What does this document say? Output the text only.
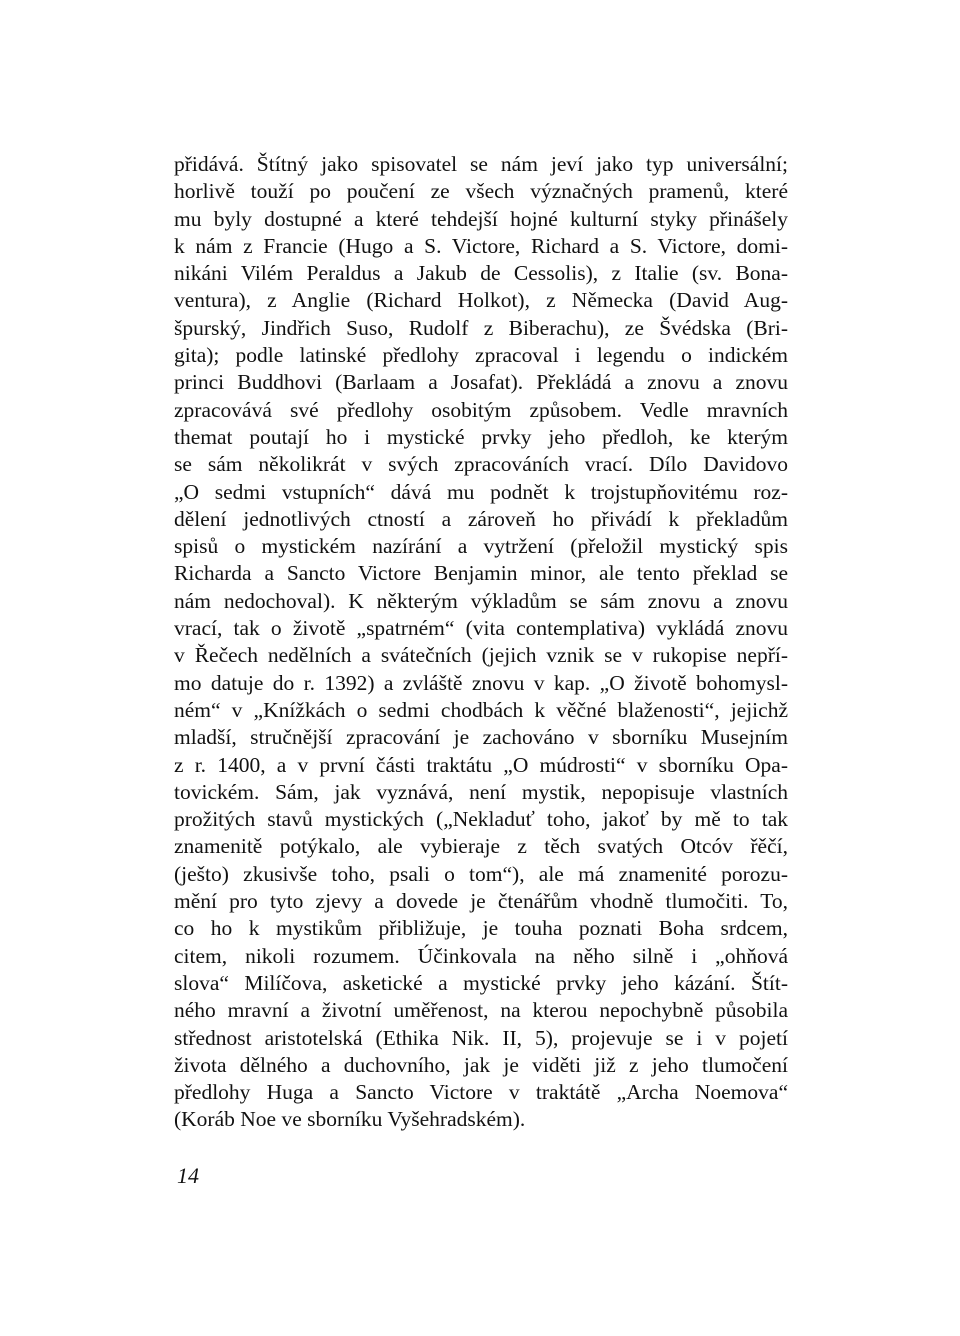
přidává. Štítný jako spisovatel se nám jeví jako typ universální;
horlivě touží po poučení ze všech význačných pramenů, které
mu byly dostupné a které tehdejší hojné kulturní styky přinášely
k nám z Francie (Hugo a S. Victore, Richard a S. Victore, domi-
nikáni Vilém Peraldus a Jakub de Cessolis), z Italie (sv. Bona-
ventura), z Anglie (Richard Holkot), z Německa (David Aug-
špurský, Jindřich Suso, Rudolf z Biberachu), ze Švédska (Bri-
gita); podle latinské předlohy zpracoval i legendu o indickém
princi Buddhovi (Barlaam a Josafat). Překládá a znovu a znovu
zpracovává své předlohy osobitým způsobem. Vedle mravních
themat poutají ho i mystické prvky jeho předloh, ke kterým
se sám několikrát v svých zpracováních vrací. Dílo Davidovo
„O sedmi vstupních“ dává mu podnět k trojstupňovitému roz-
dělení jednotlivých ctností a zároveň ho přivádí k překladům
spisů o mystickém nazírání a vytržení (přeložil mystický spis
Richarda a Sancto Victore Benjamin minor, ale tento překlad se
nám nedochoval). K některým výkladům se sám znovu a znovu
vrací, tak o životě „spatrném“ (vita contemplativa) vykládá znovu
v Řečech nedělních a svátečních (jejich vznik se v rukopise nepří-
mo datuje do r. 1392) a zvláště znovu v kap. „O životě bohomysl-
ném“ v „Knížkách o sedmi chodbách k věčné blaženosti“, jejichž
mladší, stručnější zpracování je zachováno v sborníku Musejním
z r. 1400, a v první části traktátu „O múdrosti“ v sborníku Opa-
tovickém. Sám, jak vyznává, není mystik, nepopisuje vlastních
prožitých stavů mystických („Nekladuť toho, jakoť by mě to tak
znamenitě potýkalo, ale vybieraje z těch svatých Otcóv řěčí,
(ješto) zkusivše toho, psali o tom“), ale má znamenité porozu-
mění pro tyto zjevy a dovede je čtenářům vhodně tlumočiti. To,
co ho k mystikům přibližuje, je touha poznati Boha srdcem,
citem, nikoli rozumem. Účinkovala na něho silně i „ohňová
slova“ Milíčova, asketické a mystické prvky jeho kázání. Štít-
ného mravní a životní uměřenost, na kterou nepochybně působila
střednost aristotelská (Ethika Nik. II, 5), projevuje se i v pojetí
života dělného a duchovního, jak je viděti již z jeho tlumočení
předlohy Huga a Sancto Victore v traktátě „Archa Noemova“
(Koráb Noe ve sborníku Vyšehradském).
14
